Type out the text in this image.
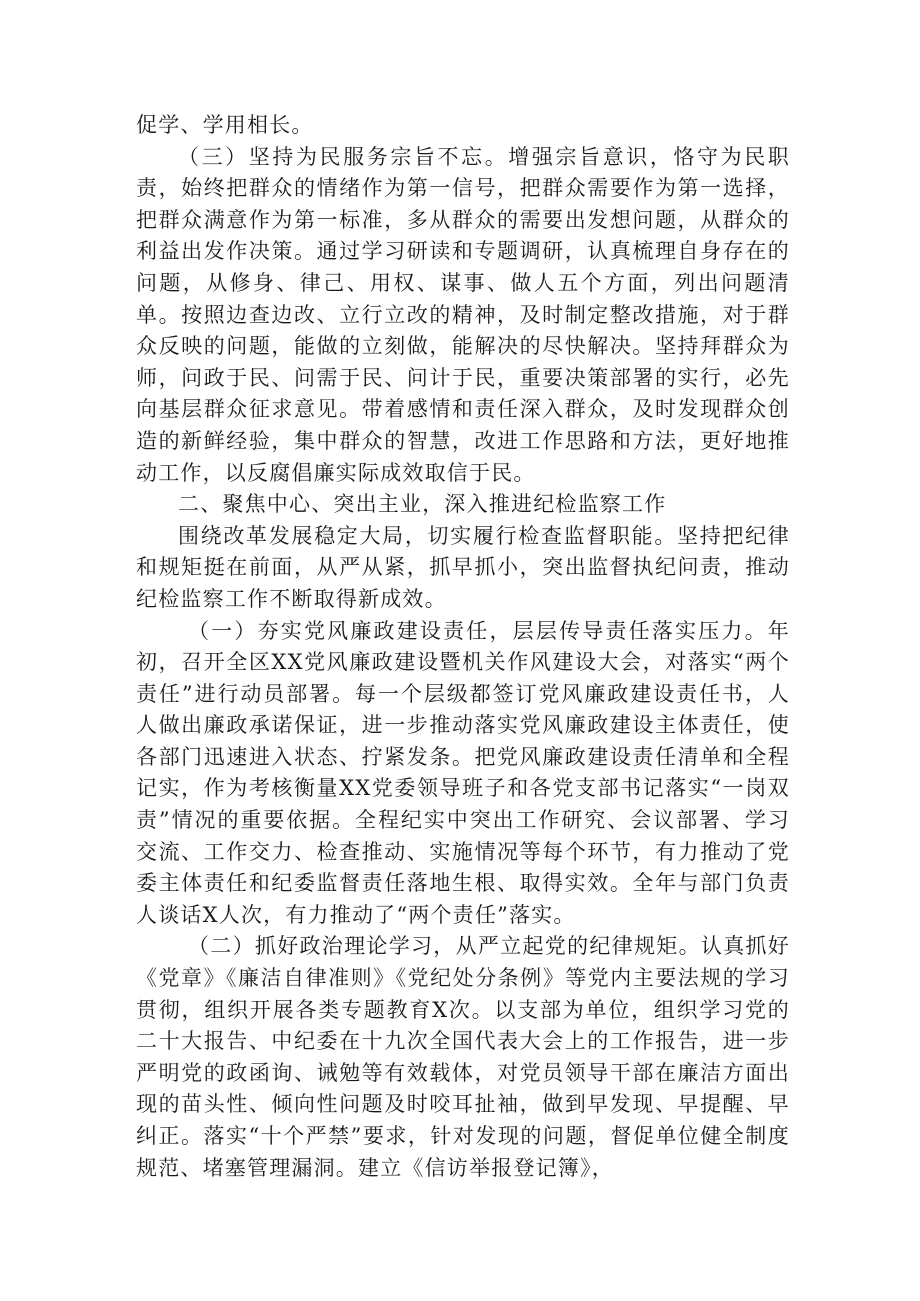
促学、学用相长。
（三）坚持为民服务宗旨不忘。增强宗旨意识，恪守为民职责，始终把群众的情绪作为第一信号，把群众需要作为第一选择，把群众满意作为第一标准，多从群众的需要出发想问题，从群众的利益出发作决策。通过学习研读和专题调研，认真梳理自身存在的问题，从修身、律己、用权、谋事、做人五个方面，列出问题清单。按照边查边改、立行立改的精神，及时制定整改措施，对于群众反映的问题，能做的立刻做，能解决的尽快解决。坚持拜群众为师，问政于民、问需于民、问计于民，重要决策部署的实行，必先向基层群众征求意见。带着感情和责任深入群众，及时发现群众创造的新鲜经验，集中群众的智慧，改进工作思路和方法，更好地推动工作，以反腐倡廉实际成效取信于民。
二、聚焦中心、突出主业，深入推进纪检监察工作
围绕改革发展稳定大局，切实履行检查监督职能。坚持把纪律和规矩挺在前面，从严从紧，抓早抓小，突出监督执纪问责，推动纪检监察工作不断取得新成效。
（一）夯实党风廉政建设责任，层层传导责任落实压力。年初，召开全区XX党风廉政建设暨机关作风建设大会，对落实“两个责任”进行动员部署。每一个层级都签订党风廉政建设责任书，人人做出廉政承诺保证，进一步推动落实党风廉政建设主体责任，使各部门迅速进入状态、拧紧发条。把党风廉政建设责任清单和全程记实，作为考核衡量XX党委领导班子和各党支部书记落实“一岗双责”情况的重要依据。全程纪实中突出工作研究、会议部署、学习交流、工作交力、检查推动、实施情况等每个环节，有力推动了党委主体责任和纪委监督责任落地生根、取得实效。全年与部门负责人谈话X人次，有力推动了“两个责任”落实。
（二）抓好政治理论学习，从严立起党的纪律规矩。认真抓好《党章》《廉洁自律准则》《党纪处分条例》等党内主要法规的学习贯彻，组织开展各类专题教育X次。以支部为单位，组织学习党的二十大报告、中纪委在十九次全国代表大会上的工作报告，进一步严明党的政函询、诫勉等有效载体，对党员领导干部在廉洁方面出现的苗头性、倾向性问题及时咬耳扯袖，做到早发现、早提醒、早纠正。落实“十个严禁”要求，针对发现的问题，督促单位健全制度规范、堵塞管理漏洞。建立《信访举报登记簿》，
